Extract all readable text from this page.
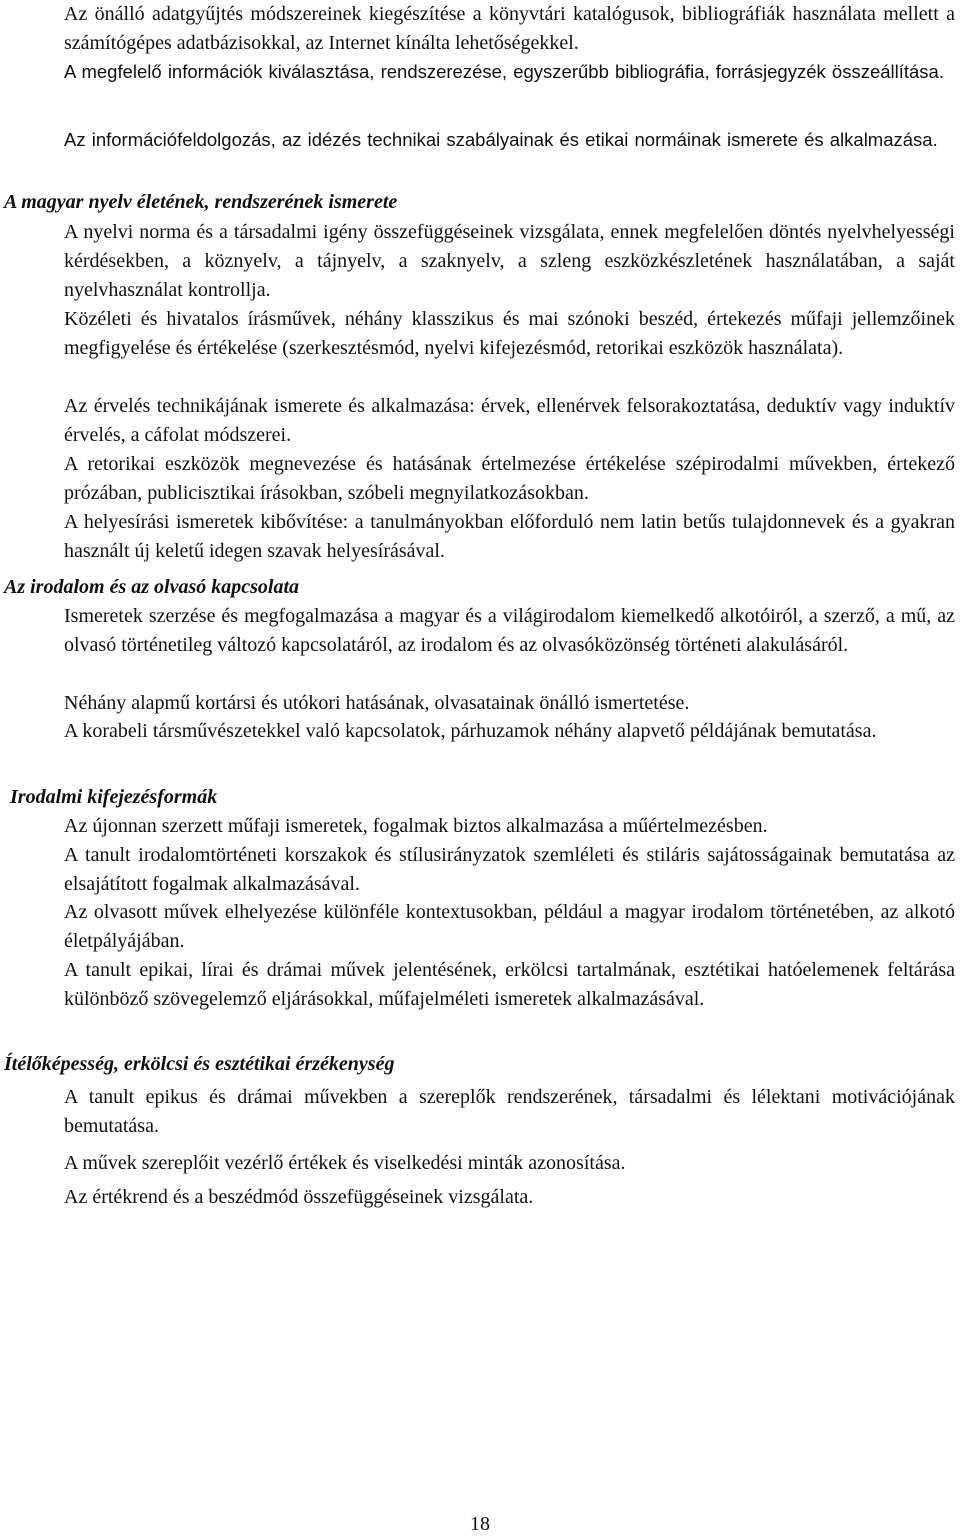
Az önálló adatgyűjtés módszereinek kiegészítése a könyvtári katalógusok, bibliográfiák használata mellett a számítógépes adatbázisokkal, az Internet kínálta lehetőségekkel.

A megfelelő információk kiválasztása, rendszerezése, egyszerűbb bibliográfia, forrásjegyzék összeállítása.

Az információfeldolgozás, az idézés technikai szabályainak és etikai normáinak ismerete és alkalmazása.

A magyar nyelv életének, rendszerének ismerete

A nyelvi norma és a társadalmi igény összefüggéseinek vizsgálata, ennek megfelelően döntés nyelvhelyességi kérdésekben, a köznyelv, a tájnyelv, a szaknyelv, a szleng eszközkészletének használatában, a saját nyelvhasználat kontrollja.

Közéleti és hivatalos írásművek, néhány klasszikus és mai szónoki beszéd, értekezés műfaji jellemzőinek megfigyelése és értékelése (szerkesztésmód, nyelvi kifejezésmód, retorikai eszközök használata).

Az érvelés technikájának ismerete és alkalmazása: érvek, ellenérvek felsorakoztatása, deduktív vagy induktív érvelés, a cáfolat módszerei.

A retorikai eszközök megnevezése és hatásának értelmezése értékelése szépirodalmi művekben, értekező prózában, publicisztikai írásokban, szóbeli megnyilatkozásokban.

A helyesírási ismeretek kibővítése: a tanulmányokban előforduló nem latin betűs tulajdonnevek és a gyakran használt új keletű idegen szavak helyesírásával.

Az irodalom és az olvasó kapcsolata

Ismeretek szerzése és megfogalmazása a magyar és a világirodalom kiemelkedő alkotóiról, a szerző, a mű, az olvasó történetileg változó kapcsolatáról, az irodalom és az olvasóközönség történeti alakulásáról.

Néhány alapmű kortársi és utókori hatásának, olvasatainak önálló ismertetése.

A korabeli társművészetekkel való kapcsolatok, párhuzamok néhány alapvető példájának bemutatása.

Irodalmi kifejezésformák

Az újonnan szerzett műfaji ismeretek, fogalmak biztos alkalmazása a műértelmezésben.

A tanult irodalomtörténeti korszakok és stílusirányzatok szemléleti és stiláris sajátosságainak bemutatása az elsajátított fogalmak alkalmazásával.

Az olvasott művek elhelyezése különféle kontextusokban, például a magyar irodalom történetében, az alkotó életpályájában.

A tanult epikai, lírai és drámai művek jelentésének, erkölcsi tartalmának, esztétikai hatóelemenek feltárása különböző szövegelemző eljárásokkal, műfajelméleti ismeretek alkalmazásával.

Ítélőképesség, erkölcsi és esztétikai érzékenység

A tanult epikus és drámai művekben a szereplők rendszerének, társadalmi és lélektani motivációjának bemutatása.

A művek szereplőit vezérlő értékek és viselkedési minták azonosítása.

Az értékrend és a beszédmód összefüggéseinek vizsgálata.

18
